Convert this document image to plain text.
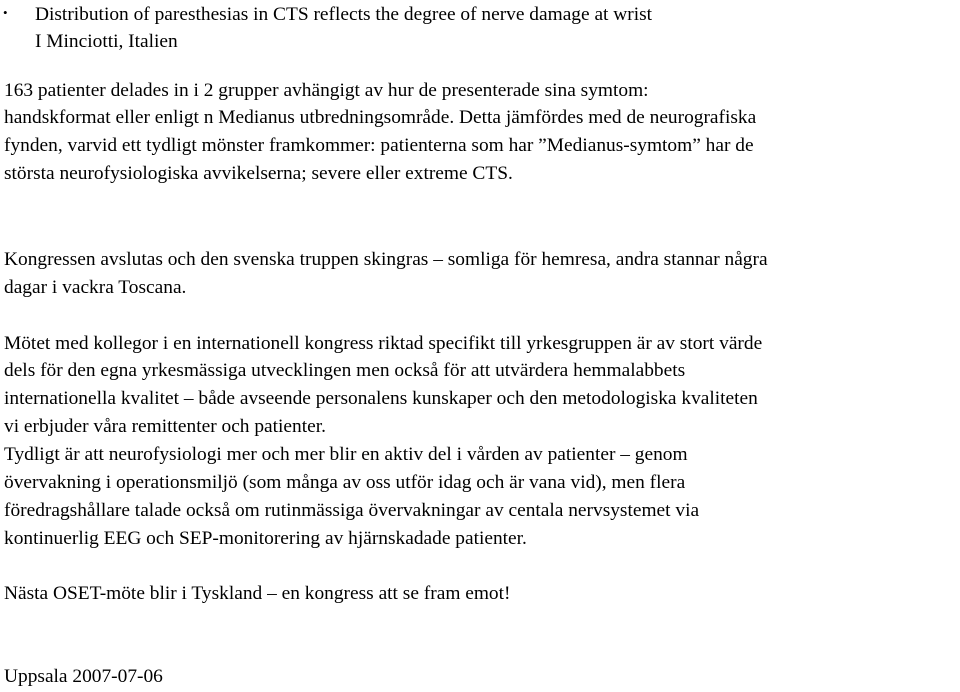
• Distribution of paresthesias in CTS reflects the degree of nerve damage at wrist
I Minciotti, Italien
163 patienter delades in i 2 grupper avhängigt av hur de presenterade sina symtom:
handskformat eller enligt n Medianus utbredningsområde. Detta jämfördes med de neurografiska
fynden, varvid ett tydligt mönster framkommer: patienterna som har ”Medianus-symtom” har de
största neurofysiologiska avvikelserna; severe eller extreme CTS.
Kongressen avslutas och den svenska truppen skingras – somliga för hemresa, andra stannar några
dagar i vackra Toscana.
Mötet med kollegor i en internationell kongress riktad specifikt till yrkesgruppen är av stort värde
dels för den egna yrkesmässiga utvecklingen men också för att utvärdera hemmalabbets
internationella kvalitet – både avseende personalens kunskaper och den metodologiska kvaliteten
vi erbjuder våra remittenter och patienter.
Tydligt är att neurofysiologi mer och mer blir en aktiv del i vården av patienter – genom
övervakning i operationsmiljö (som många av oss utför idag och är vana vid), men flera
föredragshållare talade också om rutinmässiga övervakningar av centala nervsystemet via
kontinuerlig EEG och SEP-monitorering av hjärnskadade patienter.
Nästa OSET-möte blir i Tyskland – en kongress att se fram emot!
Uppsala 2007-07-06
